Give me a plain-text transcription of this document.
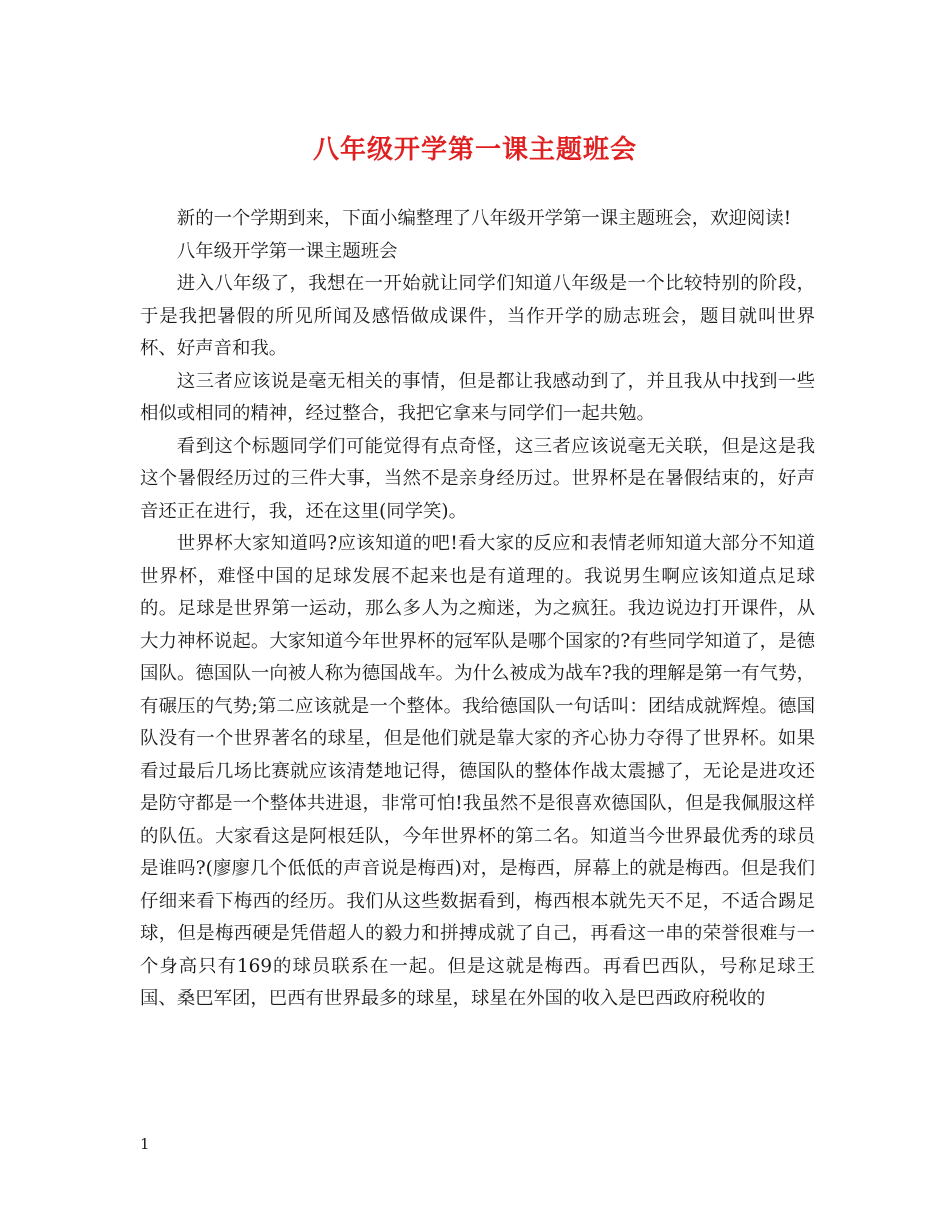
八年级开学第一课主题班会

新的一个学期到来，下面小编整理了八年级开学第一课主题班会，欢迎阅读!

八年级开学第一课主题班会

进入八年级了，我想在一开始就让同学们知道八年级是一个比较特别的阶段，于是我把暑假的所见所闻及感悟做成课件，当作开学的励志班会，题目就叫世界杯、好声音和我。

这三者应该说是毫无相关的事情，但是都让我感动到了，并且我从中找到一些相似或相同的精神，经过整合，我把它拿来与同学们一起共勉。

看到这个标题同学们可能觉得有点奇怪，这三者应该说毫无关联，但是这是我这个暑假经历过的三件大事，当然不是亲身经历过。世界杯是在暑假结束的，好声音还正在进行，我，还在这里(同学笑)。

世界杯大家知道吗?应该知道的吧!看大家的反应和表情老师知道大部分不知道世界杯，难怪中国的足球发展不起来也是有道理的。我说男生啊应该知道点足球的。足球是世界第一运动，那么多人为之痴迷，为之疯狂。我边说边打开课件，从大力神杯说起。大家知道今年世界杯的冠军队是哪个国家的?有些同学知道了，是德国队。德国队一向被人称为德国战车。为什么被成为战车?我的理解是第一有气势，有碾压的气势;第二应该就是一个整体。我给德国队一句话叫：团结成就辉煌。德国队没有一个世界著名的球星，但是他们就是靠大家的齐心协力夺得了世界杯。如果看过最后几场比赛就应该清楚地记得，德国队的整体作战太震撼了，无论是进攻还是防守都是一个整体共进退，非常可怕!我虽然不是很喜欢德国队，但是我佩服这样的队伍。大家看这是阿根廷队，今年世界杯的第二名。知道当今世界最优秀的球员是谁吗?(廖廖几个低低的声音说是梅西)对，是梅西，屏幕上的就是梅西。但是我们仔细来看下梅西的经历。我们从这些数据看到，梅西根本就先天不足，不适合踢足球，但是梅西硬是凭借超人的毅力和拼搏成就了自己，再看这一串的荣誉很难与一个身高只有169的球员联系在一起。但是这就是梅西。再看巴西队，号称足球王国、桑巴军团，巴西有世界最多的球星，球星在外国的收入是巴西政府税收的

1
